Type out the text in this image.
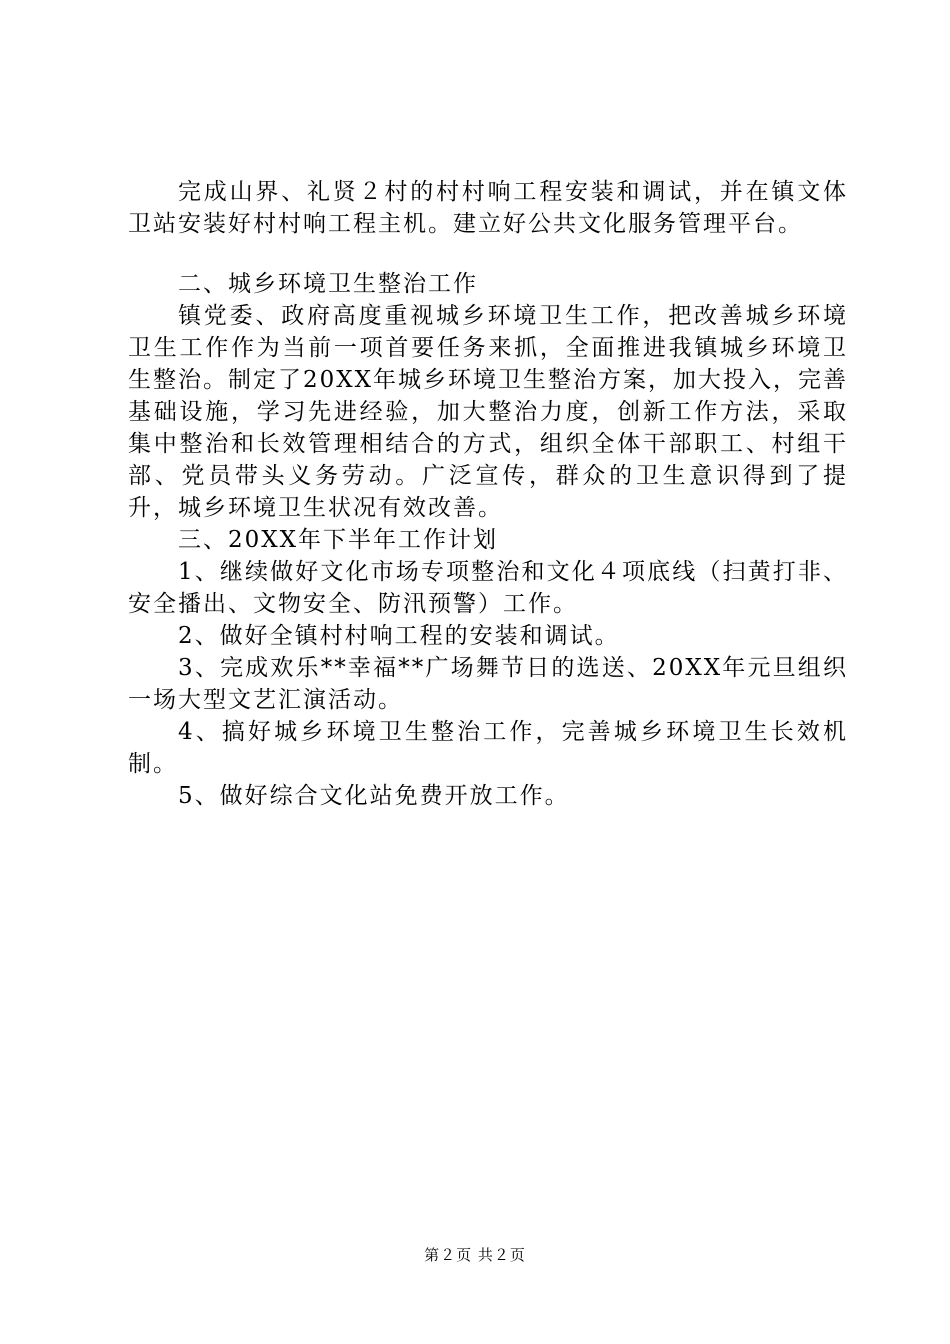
完成山界、礼贤２村的村村响工程安装和调试，并在镇文体卫站安装好村村响工程主机。建立好公共文化服务管理平台。

二、城乡环境卫生整治工作

镇党委、政府高度重视城乡环境卫生工作，把改善城乡环境卫生工作作为当前一项首要任务来抓，全面推进我镇城乡环境卫生整治。制定了20XX年城乡环境卫生整治方案，加大投入，完善基础设施，学习先进经验，加大整治力度，创新工作方法，采取集中整治和长效管理相结合的方式，组织全体干部职工、村组干部、党员带头义务劳动。广泛宣传，群众的卫生意识得到了提升，城乡环境卫生状况有效改善。

三、20XX年下半年工作计划

1、继续做好文化市场专项整治和文化４项底线（扫黄打非、安全播出、文物安全、防汛预警）工作。

2、做好全镇村村响工程的安装和调试。

3、完成欢乐**幸福**广场舞节日的选送、20XX年元旦组织一场大型文艺汇演活动。

4、搞好城乡环境卫生整治工作，完善城乡环境卫生长效机制。

5、做好综合文化站免费开放工作。

第２页 共２页
